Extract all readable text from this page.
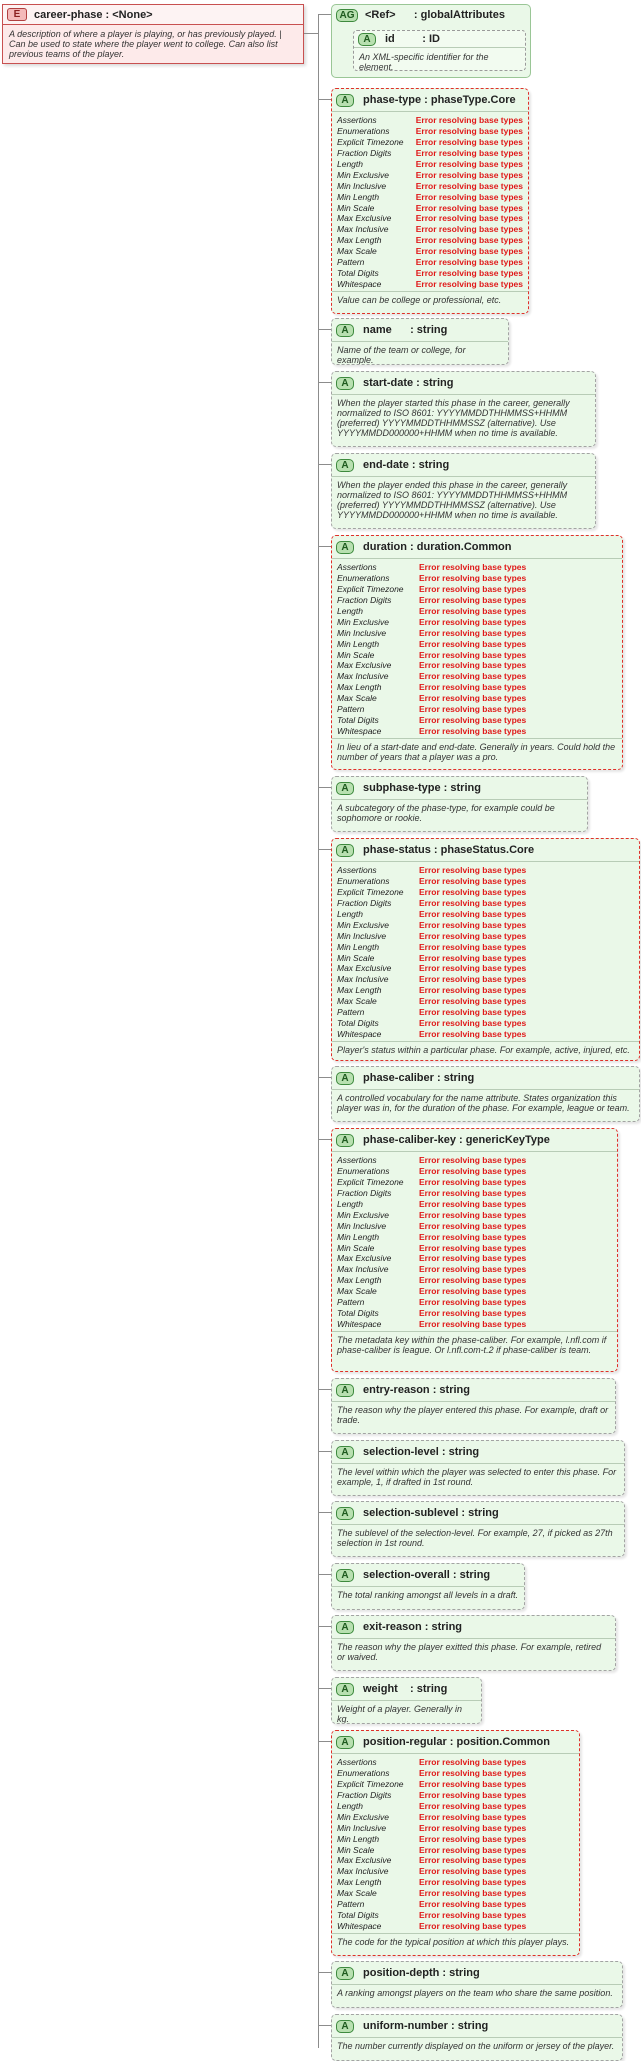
E	career-phase : <None>
A description of where a player is playing, or has previously played. | Can be used to state where the player went to college. Can also list previous teams of the player.
AG <Ref>      : globalAttributes
A	id         : ID
An XML-specific identifier for the element.
A	phase-type : phaseType.Core
Assertions	Error resolving base types
Enumerations	Error resolving base types
Explicit Timezone	Error resolving base types
Fraction Digits	Error resolving base types
Length	Error resolving base types
Min Exclusive	Error resolving base types
Min Inclusive	Error resolving base types
Min Length	Error resolving base types
Min Scale	Error resolving base types
Max Exclusive	Error resolving base types
Max Inclusive	Error resolving base types
Max Length	Error resolving base types
Max Scale	Error resolving base types
Pattern	Error resolving base types
Total Digits	Error resolving base types
Whitespace	Error resolving base types
Value can be college or professional, etc.
A	name      : string
Name of the team or college, for example.
A	start-date : string
When the player started this phase in the career, generally normalized to ISO 8601: YYYYMMDDTHHMMSS+HHMM (preferred) YYYYMMDDTHHMMSSZ (alternative). Use YYYYMMDD000000+HHMM when no time is available.
A	end-date : string
When the player ended this phase in the career, generally normalized to ISO 8601: YYYYMMDDTHHMMSS+HHMM (preferred) YYYYMMDDTHHMMSSZ (alternative). Use YYYYMMDD000000+HHMM when no time is available.
A	duration : duration.Common
Assertions	Error resolving base types
Enumerations	Error resolving base types
Explicit Timezone	Error resolving base types
Fraction Digits	Error resolving base types
Length	Error resolving base types
Min Exclusive	Error resolving base types
Min Inclusive	Error resolving base types
Min Length	Error resolving base types
Min Scale	Error resolving base types
Max Exclusive	Error resolving base types
Max Inclusive	Error resolving base types
Max Length	Error resolving base types
Max Scale	Error resolving base types
Pattern	Error resolving base types
Total Digits	Error resolving base types
Whitespace	Error resolving base types
In lieu of a start-date and end-date. Generally in years. Could hold the number of years that a player was a pro.
A	subphase-type : string
A subcategory of the phase-type, for example could be sophomore or rookie.
A	phase-status : phaseStatus.Core
Assertions	Error resolving base types
Enumerations	Error resolving base types
Explicit Timezone	Error resolving base types
Fraction Digits	Error resolving base types
Length	Error resolving base types
Min Exclusive	Error resolving base types
Min Inclusive	Error resolving base types
Min Length	Error resolving base types
Min Scale	Error resolving base types
Max Exclusive	Error resolving base types
Max Inclusive	Error resolving base types
Max Length	Error resolving base types
Max Scale	Error resolving base types
Pattern	Error resolving base types
Total Digits	Error resolving base types
Whitespace	Error resolving base types
Player's status within a particular phase. For example, active, injured, etc.
A	phase-caliber : string
A controlled vocabulary for the name attribute. States organization this player was in, for the duration of the phase. For example, league or team.
A	phase-caliber-key : genericKeyType
Assertions	Error resolving base types
Enumerations	Error resolving base types
Explicit Timezone	Error resolving base types
Fraction Digits	Error resolving base types
Length	Error resolving base types
Min Exclusive	Error resolving base types
Min Inclusive	Error resolving base types
Min Length	Error resolving base types
Min Scale	Error resolving base types
Max Exclusive	Error resolving base types
Max Inclusive	Error resolving base types
Max Length	Error resolving base types
Max Scale	Error resolving base types
Pattern	Error resolving base types
Total Digits	Error resolving base types
Whitespace	Error resolving base types
The metadata key within the phase-caliber. For example, l.nfl.com if phase-caliber is league. Or l.nfl.com-t.2 if phase-caliber is team.
A	entry-reason : string
The reason why the player entered this phase. For example, draft or trade.
A	selection-level : string
The level within which the player was selected to enter this phase. For example, 1, if drafted in 1st round.
A	selection-sublevel : string
The sublevel of the selection-level. For example, 27, if picked as 27th selection in 1st round.
A	selection-overall : string
The total ranking amongst all levels in a draft.
A	exit-reason : string
The reason why the player exitted this phase. For example, retired or waived.
A	weight    : string
Weight of a player. Generally in kg.
A	position-regular : position.Common
Assertions	Error resolving base types
Enumerations	Error resolving base types
Explicit Timezone	Error resolving base types
Fraction Digits	Error resolving base types
Length	Error resolving base types
Min Exclusive	Error resolving base types
Min Inclusive	Error resolving base types
Min Length	Error resolving base types
Min Scale	Error resolving base types
Max Exclusive	Error resolving base types
Max Inclusive	Error resolving base types
Max Length	Error resolving base types
Max Scale	Error resolving base types
Pattern	Error resolving base types
Total Digits	Error resolving base types
Whitespace	Error resolving base types
The code for the typical position at which this player plays.
A	position-depth : string
A ranking amongst players on the team who share the same position.
A	uniform-number : string
The number currently displayed on the uniform or jersey of the player.
